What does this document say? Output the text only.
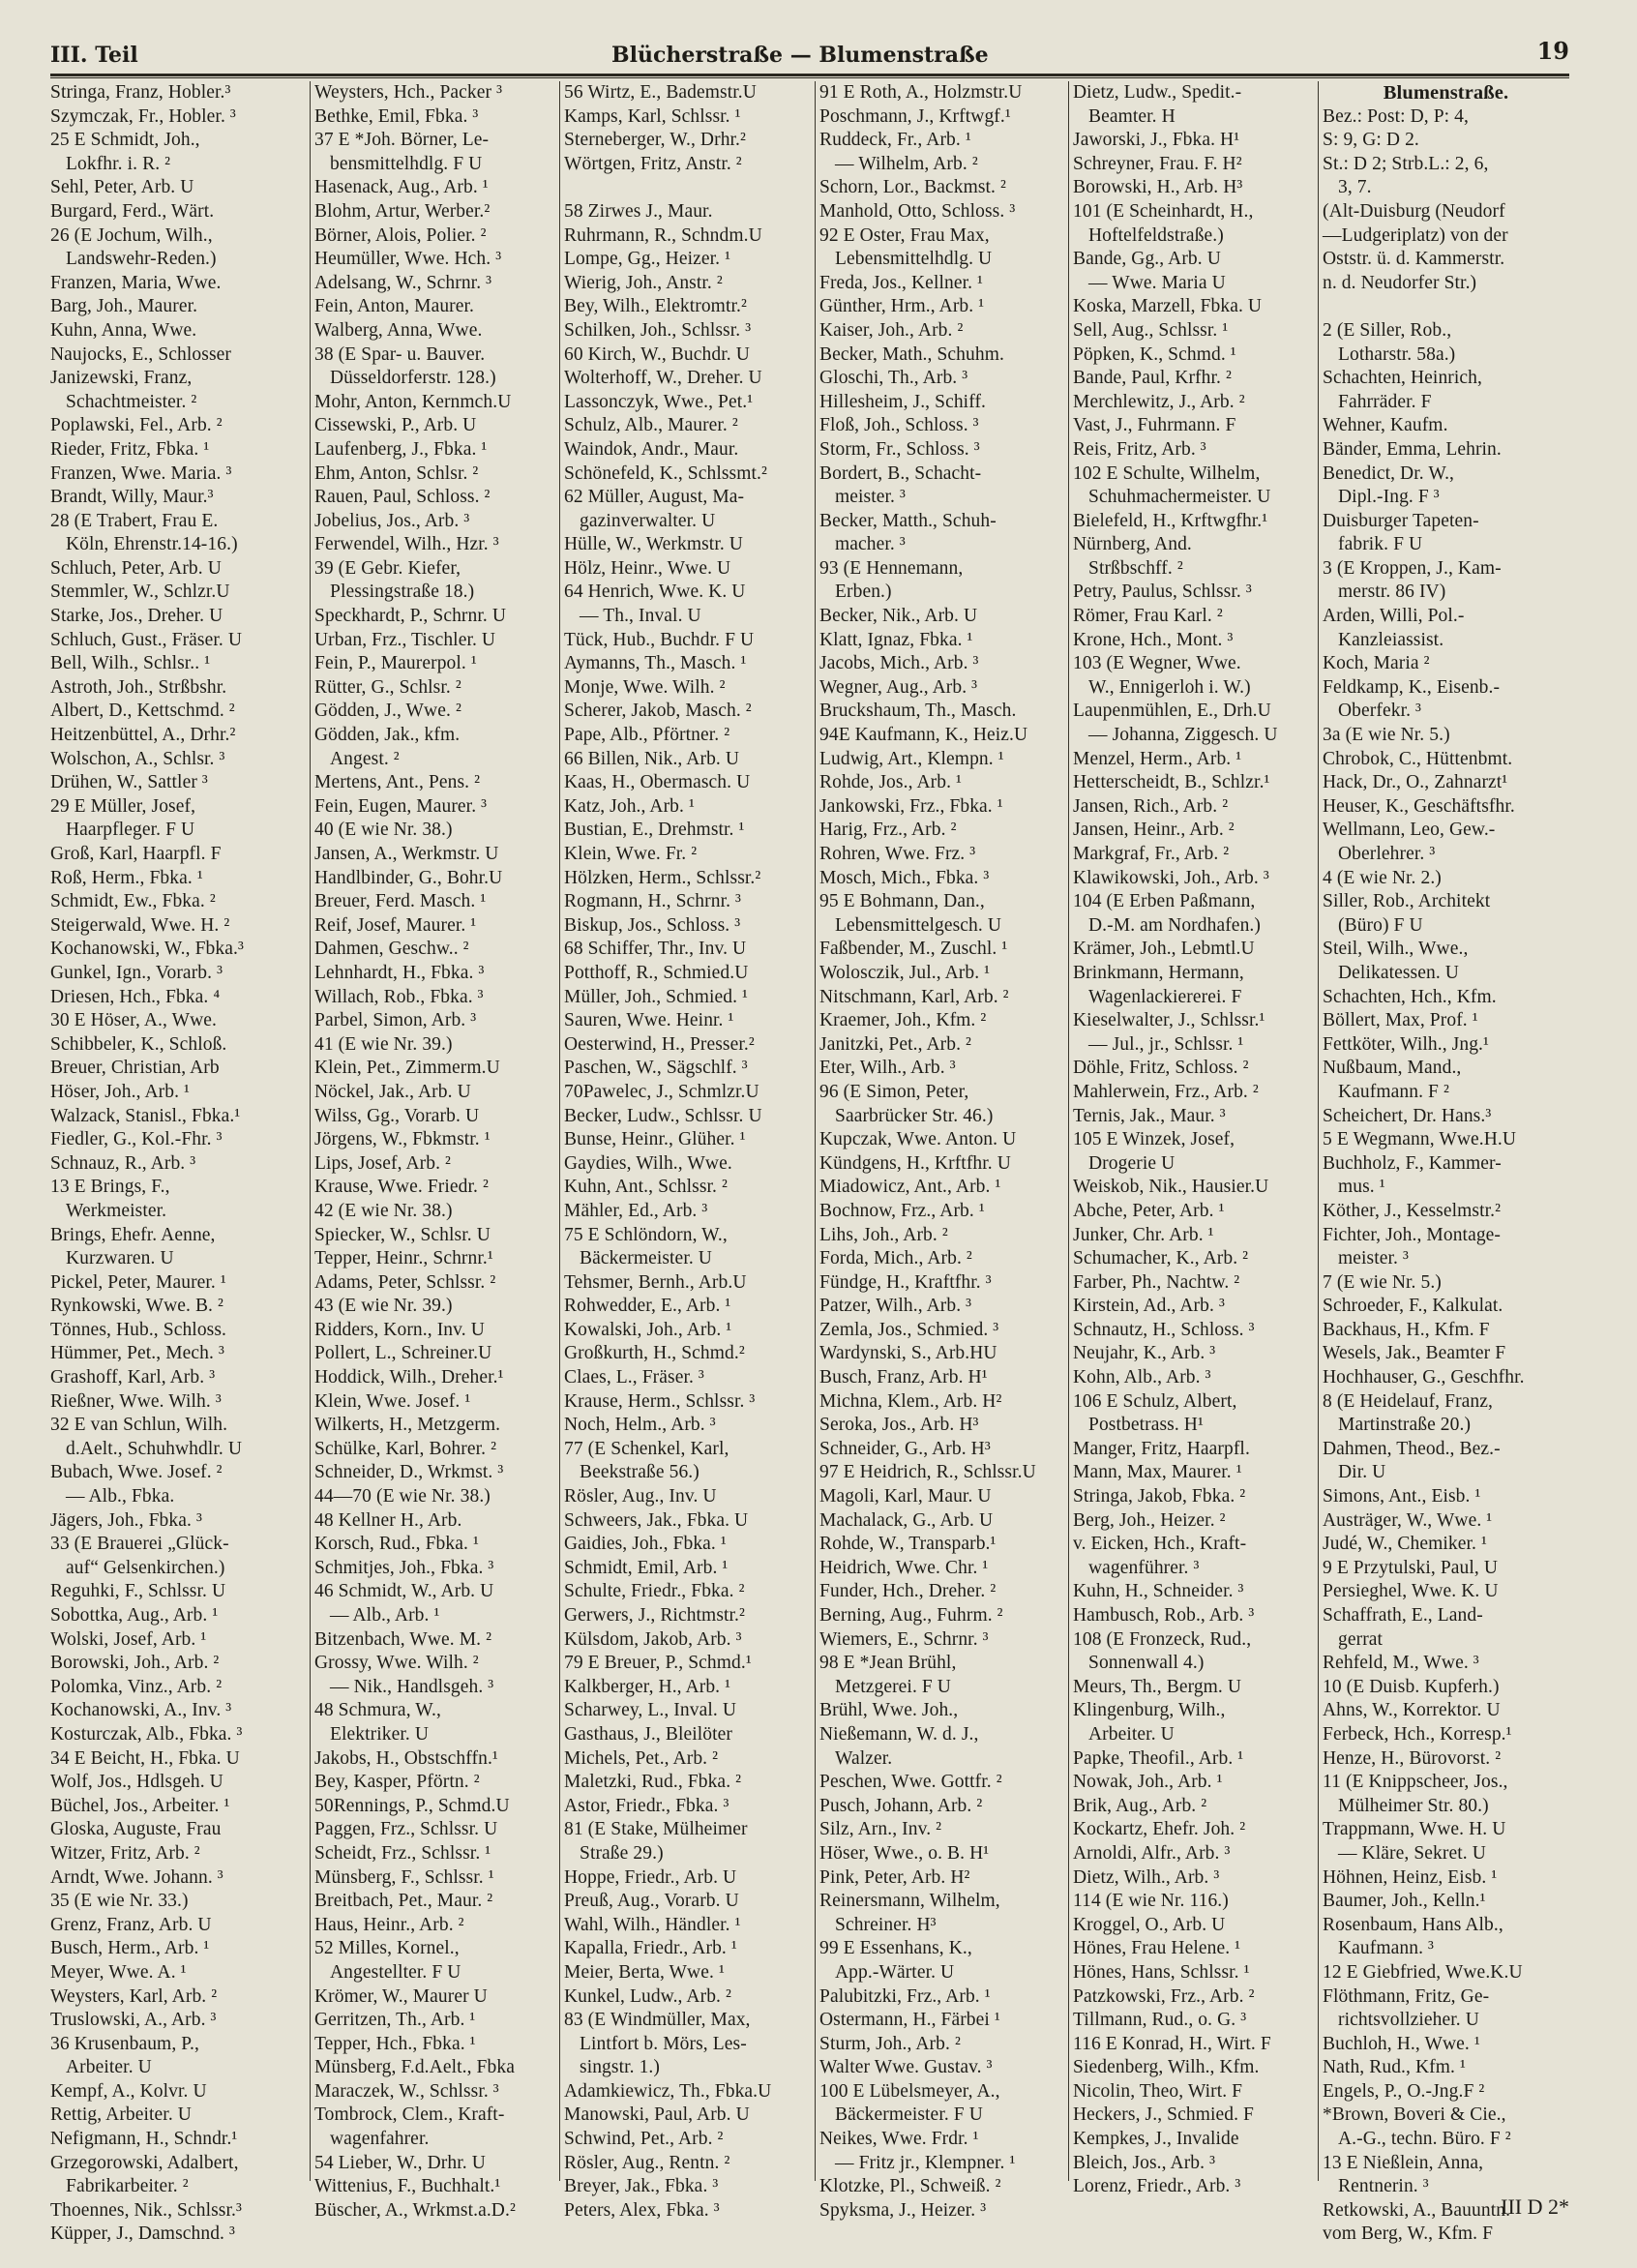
III. Teil	Blücherstraße — Blumenstraße	19
Stringa, Franz, Hobler.³
Szymczak, Fr., Hobler. ³
25 E Schmidt, Joh.,
Lokfhr. i. R. ²
Sehl, Peter, Arb. U
Burgard, Ferd., Wärt.
26 (E Jochum, Wilh.,
Landswehr-Reden.)
Franzen, Maria, Wwe.
Barg, Joh., Maurer.
Kuhn, Anna, Wwe.
Naujocks, E., Schlosser
Janizewski, Franz,
Schachtmeister. ²
Poplawski, Fel., Arb. ²
Rieder, Fritz, Fbka. ¹
Franzen, Wwe. Maria. ³
Brandt, Willy, Maur.³
28 (E Trabert, Frau E.
Köln, Ehrenstr.14-16.)
Schluch, Peter, Arb. U
Stemmler, W., Schlzr.U
Starke, Jos., Dreher. U
Schluch, Gust., Fräser. U
Bell, Wilh., Schlsr.. ¹
Astroth, Joh., Strßbshr.
Albert, D., Kettschmd. ²
Heitzenbüttel, A., Drhr.²
Wolschon, A., Schlsr. ³
Drühen, W., Sattler ³
29 E Müller, Josef,
Haarpfleger. F U
Groß, Karl, Haarpfl. F
Roß, Herm., Fbka. ¹
Schmidt, Ew., Fbka. ²
Steigerwald, Wwe. H. ²
Kochanowski, W., Fbka.³
Gunkel, Ign., Vorarb. ³
Driesen, Hch., Fbka. ⁴
30 E Höser, A., Wwe.
Schibbeler, K., Schloß.
Breuer, Christian, Arb
Höser, Joh., Arb. ¹
Walzack, Stanisl., Fbka.¹
Fiedler, G., Kol.-Fhr. ³
Schnauz, R., Arb. ³
13 E Brings, F.,
Werkmeister.
Brings, Ehefr. Aenne,
Kurzwaren. U
Pickel, Peter, Maurer. ¹
Rynkowski, Wwe. B. ²
Tönnes, Hub., Schloss.
Hümmer, Pet., Mech. ³
Grashoff, Karl, Arb. ³
Rießner, Wwe. Wilh. ³
32 E van Schlun, Wilh.
d.Aelt., Schuhwhdlr. U
Bubach, Wwe. Josef. ²
— Alb., Fbka.
Jägers, Joh., Fbka. ³
33 (E Brauerei „Glück-
auf“ Gelsenkirchen.)
Reguhki, F., Schlssr. U
Sobottka, Aug., Arb. ¹
Wolski, Josef, Arb. ¹
Borowski, Joh., Arb. ²
Polomka, Vinz., Arb. ²
Kochanowski, A., Inv. ³
Kosturczak, Alb., Fbka. ³
34 E Beicht, H., Fbka. U
Wolf, Jos., Hdlsgeh. U
Büchel, Jos., Arbeiter. ¹
Gloska, Auguste, Frau
Witzer, Fritz, Arb. ²
Arndt, Wwe. Johann. ³
35 (E wie Nr. 33.)
Grenz, Franz, Arb. U
Busch, Herm., Arb. ¹
Meyer, Wwe. A. ¹
Weysters, Karl, Arb. ²
Truslowski, A., Arb. ³
36 Krusenbaum, P.,
Arbeiter. U
Kempf, A., Kolvr. U
Rettig, Arbeiter. U
Nefigmann, H., Schndr.¹
Grzegorowski, Adalbert,
Fabrikarbeiter. ²
Thoennes, Nik., Schlssr.³
Küpper, J., Damschnd. ³
Weysters, Hch., Packer ³
Bethke, Emil, Fbka. ³
37 E *Joh. Börner, Le-
bensmittelhdlg. F U
Hasenack, Aug., Arb. ¹
Blohm, Artur, Werber.²
Börner, Alois, Polier. ²
Heumüller, Wwe. Hch. ³
Adelsang, W., Schrnr. ³
Fein, Anton, Maurer.
Walberg, Anna, Wwe.
38 (E Spar- u. Bauver.
Düsseldorferstr. 128.)
Mohr, Anton, Kernmch.U
Cissewski, P., Arb. U
Laufenberg, J., Fbka. ¹
Ehm, Anton, Schlsr. ²
Rauen, Paul, Schloss. ²
Jobelius, Jos., Arb. ³
Ferwendel, Wilh., Hzr. ³
39 (E Gebr. Kiefer,
Plessingstraße 18.)
Speckhardt, P., Schrnr. U
Urban, Frz., Tischler. U
Fein, P., Maurerpol. ¹
Rütter, G., Schlsr. ²
Gödden, J., Wwe. ²
Gödden, Jak., kfm.
Angest. ²
Mertens, Ant., Pens. ²
Fein, Eugen, Maurer. ³
40 (E wie Nr. 38.)
Jansen, A., Werkmstr. U
Handlbinder, G., Bohr.U
Breuer, Ferd. Masch. ¹
Reif, Josef, Maurer. ¹
Dahmen, Geschw.. ²
Lehnhardt, H., Fbka. ³
Willach, Rob., Fbka. ³
Parbel, Simon, Arb. ³
41 (E wie Nr. 39.)
Klein, Pet., Zimmerm.U
Nöckel, Jak., Arb. U
Wilss, Gg., Vorarb. U
Jörgens, W., Fbkmstr. ¹
Lips, Josef, Arb. ²
Krause, Wwe. Friedr. ²
42 (E wie Nr. 38.)
Spiecker, W., Schlsr. U
Tepper, Heinr., Schrnr.¹
Adams, Peter, Schlssr. ²
43 (E wie Nr. 39.)
Ridders, Korn., Inv. U
Pollert, L., Schreiner.U
Hoddick, Wilh., Dreher.¹
Klein, Wwe. Josef. ¹
Wilkerts, H., Metzgerm.
Schülke, Karl, Bohrer. ²
Schneider, D., Wrkmst. ³
44—70 (E wie Nr. 38.)
48 Kellner H., Arb.
Korsch, Rud., Fbka. ¹
Schmitjes, Joh., Fbka. ³
46 Schmidt, W., Arb. U
— Alb., Arb. ¹
Bitzenbach, Wwe. M. ²
Grossy, Wwe. Wilh. ²
— Nik., Handlsgeh. ³
48 Schmura, W.,
Elektriker. U
Jakobs, H., Obstschffn.¹
Bey, Kasper, Pförtn. ²
50Rennings, P., Schmd.U
Paggen, Frz., Schlssr. U
Scheidt, Frz., Schlssr. ¹
Münsberg, F., Schlssr. ¹
Breitbach, Pet., Maur. ²
Haus, Heinr., Arb. ²
52 Milles, Kornel.,
Angestellter. F U
Krömer, W., Maurer U
Gerritzen, Th., Arb. ¹
Tepper, Hch., Fbka. ¹
Münsberg, F.d.Aelt., Fbka
Maraczek, W., Schlssr. ³
Tombrock, Clem., Kraft-
wagenfahrer.
54 Lieber, W., Drhr. U
Wittenius, F., Buchhalt.¹
Büscher, A., Wrkmst.a.D.²
56 Wirtz, E., Bademstr.U
Kamps, Karl, Schlssr. ¹
Sterneberger, W., Drhr.²
Wörtgen, Fritz, Anstr. ²
58 Zirwes J., Maur.
Ruhrmann, R., Schndm.U
Lompe, Gg., Heizer. ¹
Wierig, Joh., Anstr. ²
Bey, Wilh., Elektromtr.²
Schilken, Joh., Schlssr. ³
60 Kirch, W., Buchdr. U
Wolterhoff, W., Dreher. U
Lassonczyk, Wwe., Pet.¹
Schulz, Alb., Maurer. ²
Waindok, Andr., Maur.
Schönefeld, K., Schlssmt.²
62 Müller, August, Ma-
gazinverwalter. U
Hülle, W., Werkmstr. U
Hölz, Heinr., Wwe. U
64 Henrich, Wwe. K. U
— Th., Inval. U
Tück, Hub., Buchdr. F U
Aymanns, Th., Masch. ¹
Monje, Wwe. Wilh. ²
Scherer, Jakob, Masch. ²
Pape, Alb., Pförtner. ²
66 Billen, Nik., Arb. U
Kaas, H., Obermasch. U
Katz, Joh., Arb. ¹
Bustian, E., Drehmstr. ¹
Klein, Wwe. Fr. ²
Hölzken, Herm., Schlssr.²
Rogmann, H., Schrnr. ³
Biskup, Jos., Schloss. ³
68 Schiffer, Thr., Inv. U
Potthoff, R., Schmied.U
Müller, Joh., Schmied. ¹
Sauren, Wwe. Heinr. ¹
Oesterwind, H., Presser.²
Paschen, W., Sägschlf. ³
70Pawelec, J., Schmlzr.U
Becker, Ludw., Schlssr. U
Bunse, Heinr., Glüher. ¹
Gaydies, Wilh., Wwe.
Kuhn, Ant., Schlssr. ²
Mähler, Ed., Arb. ³
75 E Schlöndorn, W.,
Bäckermeister. U
Tehsmer, Bernh., Arb.U
Rohwedder, E., Arb. ¹
Kowalski, Joh., Arb. ¹
Großkurth, H., Schmd.²
Claes, L., Fräser. ³
Krause, Herm., Schlssr. ³
Noch, Helm., Arb. ³
77 (E Schenkel, Karl,
Beekstraße 56.)
Rösler, Aug., Inv. U
Schweers, Jak., Fbka. U
Gaidies, Joh., Fbka. ¹
Schmidt, Emil, Arb. ¹
Schulte, Friedr., Fbka. ²
Gerwers, J., Richtmstr.²
Külsdom, Jakob, Arb. ³
79 E Breuer, P., Schmd.¹
Kalkberger, H., Arb. ¹
Scharwey, L., Inval. U
Gasthaus, J., Bleilöter
Michels, Pet., Arb. ²
Maletzki, Rud., Fbka. ²
Astor, Friedr., Fbka. ³
81 (E Stake, Mülheimer
Straße 29.)
Hoppe, Friedr., Arb. U
Preuß, Aug., Vorarb. U
Wahl, Wilh., Händler. ¹
Kapalla, Friedr., Arb. ¹
Meier, Berta, Wwe. ¹
Kunkel, Ludw., Arb. ²
83 (E Windmüller, Max,
Lintfort b. Mörs, Les-
singstr. 1.)
Adamkiewicz, Th., Fbka.U
Manowski, Paul, Arb. U
Schwind, Pet., Arb. ²
Rösler, Aug., Rentn. ²
Breyer, Jak., Fbka. ³
Peters, Alex, Fbka. ³
91 E Roth, A., Holzmstr.U
Poschmann, J., Krftwgf.¹
Ruddeck, Fr., Arb. ¹
— Wilhelm, Arb. ²
Schorn, Lor., Backmst. ²
Manhold, Otto, Schloss. ³
92 E Oster, Frau Max,
Lebensmittelhdlg. U
Freda, Jos., Kellner. ¹
Günther, Hrm., Arb. ¹
Kaiser, Joh., Arb. ²
Becker, Math., Schuhm.
Gloschi, Th., Arb. ³
Hillesheim, J., Schiff.
Floß, Joh., Schloss. ³
Storm, Fr., Schloss. ³
Bordert, B., Schacht-
meister. ³
Becker, Matth., Schuh-
macher. ³
93 (E Hennemann,
Erben.)
Becker, Nik., Arb. U
Klatt, Ignaz, Fbka. ¹
Jacobs, Mich., Arb. ³
Wegner, Aug., Arb. ³
Bruckshaum, Th., Masch.
94E Kaufmann, K., Heiz.U
Ludwig, Art., Klempn. ¹
Rohde, Jos., Arb. ¹
Jankowski, Frz., Fbka. ¹
Harig, Frz., Arb. ²
Rohren, Wwe. Frz. ³
Mosch, Mich., Fbka. ³
95 E Bohmann, Dan.,
Lebensmittelgesch. U
Faßbender, M., Zuschl. ¹
Wolosczik, Jul., Arb. ¹
Nitschmann, Karl, Arb. ²
Kraemer, Joh., Kfm. ²
Janitzki, Pet., Arb. ²
Eter, Wilh., Arb. ³
96 (E Simon, Peter,
Saarbrücker Str. 46.)
Kupczak, Wwe. Anton. U
Kündgens, H., Krftfhr. U
Miadowicz, Ant., Arb. ¹
Bochnow, Frz., Arb. ¹
Lihs, Joh., Arb. ²
Forda, Mich., Arb. ²
Fündge, H., Kraftfhr. ³
Patzer, Wilh., Arb. ³
Zemla, Jos., Schmied. ³
Wardynski, S., Arb.HU
Busch, Franz, Arb. H¹
Michna, Klem., Arb. H²
Seroka, Jos., Arb. H³
Schneider, G., Arb. H³
97 E Heidrich, R., Schlssr.U
Magoli, Karl, Maur. U
Machalack, G., Arb. U
Rohde, W., Transparb.¹
Heidrich, Wwe. Chr. ¹
Funder, Hch., Dreher. ²
Berning, Aug., Fuhrm. ²
Wiemers, E., Schrnr. ³
98 E *Jean Brühl,
Metzgerei. F U
Brühl, Wwe. Joh.,
Nießemann, W. d. J.,
Walzer.
Peschen, Wwe. Gottfr. ²
Pusch, Johann, Arb. ²
Silz, Arn., Inv. ²
Höser, Wwe., o. B. H¹
Pink, Peter, Arb. H²
Reinersmann, Wilhelm,
Schreiner. H³
99 E Essenhans, K.,
App.-Wärter. U
Palubitzki, Frz., Arb. ¹
Ostermann, H., Färbei ¹
Sturm, Joh., Arb. ²
Walter Wwe. Gustav. ³
100 E Lübelsmeyer, A.,
Bäckermeister. F U
Neikes, Wwe. Frdr. ¹
— Fritz jr., Klempner. ¹
Klotzke, Pl., Schweiß. ²
Spyksma, J., Heizer. ³
Dietz, Ludw., Spedit.-
Beamter. H
Jaworski, J., Fbka. H¹
Schreyner, Frau. F. H²
Borowski, H., Arb. H³
101 (E Scheinhardt, H.,
Hoftelfeldstraße.)
Bande, Gg., Arb. U
— Wwe. Maria U
Koska, Marzell, Fbka. U
Sell, Aug., Schlssr. ¹
Pöpken, K., Schmd. ¹
Bande, Paul, Krfhr. ²
Merchlewitz, J., Arb. ²
Vast, J., Fuhrmann. F
Reis, Fritz, Arb. ³
102 E Schulte, Wilhelm,
Schuhmachermeister. U
Bielefeld, H., Krftwgfhr.¹
Nürnberg, And.
Strßbschff. ²
Petry, Paulus, Schlssr. ³
Römer, Frau Karl. ²
Krone, Hch., Mont. ³
103 (E Wegner, Wwe.
W., Ennigerloh i. W.)
Laupenmühlen, E., Drh.U
— Johanna, Ziggesch. U
Menzel, Herm., Arb. ¹
Hetterscheidt, B., Schlzr.¹
Jansen, Rich., Arb. ²
Jansen, Heinr., Arb. ²
Markgraf, Fr., Arb. ²
Klawikowski, Joh., Arb. ³
104 (E Erben Paßmann,
D.-M. am Nordhafen.)
Krämer, Joh., Lebmtl.U
Brinkmann, Hermann,
Wagenlackiererei. F
Kieselwalter, J., Schlssr.¹
— Jul., jr., Schlssr. ¹
Döhle, Fritz, Schloss. ²
Mahlerwein, Frz., Arb. ²
Ternis, Jak., Maur. ³
105 E Winzek, Josef,
Drogerie U
Weiskob, Nik., Hausier.U
Abche, Peter, Arb. ¹
Junker, Chr. Arb. ¹
Schumacher, K., Arb. ²
Farber, Ph., Nachtw. ²
Kirstein, Ad., Arb. ³
Schnautz, H., Schloss. ³
Neujahr, K., Arb. ³
Kohn, Alb., Arb. ³
106 E Schulz, Albert,
Postbetrass. H¹
Manger, Fritz, Haarpfl.
Mann, Max, Maurer. ¹
Stringa, Jakob, Fbka. ²
Berg, Joh., Heizer. ²
v. Eicken, Hch., Kraft-
wagenführer. ³
Kuhn, H., Schneider. ³
Hambusch, Rob., Arb. ³
108 (E Fronzeck, Rud.,
Sonnenwall 4.)
Meurs, Th., Bergm. U
Klingenburg, Wilh.,
Arbeiter. U
Papke, Theofil., Arb. ¹
Nowak, Joh., Arb. ¹
Brik, Aug., Arb. ²
Kockartz, Ehefr. Joh. ²
Arnoldi, Alfr., Arb. ³
Dietz, Wilh., Arb. ³
114 (E wie Nr. 116.)
Kroggel, O., Arb. U
Hönes, Frau Helene. ¹
Hönes, Hans, Schlssr. ¹
Patzkowski, Frz., Arb. ²
Tillmann, Rud., o. G. ³
116 E Konrad, H., Wirt. F
Siedenberg, Wilh., Kfm.
Nicolin, Theo, Wirt. F
Heckers, J., Schmied. F
Kempkes, J., Invalide
Bleich, Jos., Arb. ³
Lorenz, Friedr., Arb. ³
Blumenstraße.
Bez.: Post: D, P: 4,
S: 9, G: D 2.
St.: D 2; Strb.L.: 2, 6,
3, 7.
(Alt-Duisburg (Neudorf
—Ludgeriplatz) von der
Oststr. ü. d. Kammerstr.
n. d. Neudorfer Str.)
2 (E Siller, Rob.,
Lotharstr. 58a.)
Schachten, Heinrich,
Fahrräder. F
Wehner, Kaufm.
Bänder, Emma, Lehrin.
Benedict, Dr. W.,
Dipl.-Ing. F ³
Duisburger Tapeten-
fabrik. F U
3 (E Kroppen, J., Kam-
merstr. 86 IV)
Arden, Willi, Pol.-
Kanzleiassist.
Koch, Maria ²
Feldkamp, K., Eisenb.-
Oberfekr. ³
3a (E wie Nr. 5.)
Chrobok, C., Hüttenbmt.
Hack, Dr., O., Zahnarzt¹
Heuser, K., Geschäftsfhr.
Wellmann, Leo, Gew.-
Oberlehrer. ³
4 (E wie Nr. 2.)
Siller, Rob., Architekt
(Büro) F U
Steil, Wilh., Wwe.,
Delikatessen. U
Schachten, Hch., Kfm.
Böllert, Max, Prof. ¹
Fettköter, Wilh., Jng.¹
Nußbaum, Mand.,
Kaufmann. F ²
Scheichert, Dr. Hans.³
5 E Wegmann, Wwe.H.U
Buchholz, F., Kammer-
mus. ¹
Köther, J., Kesselmstr.²
Fichter, Joh., Montage-
meister. ³
7 (E wie Nr. 5.)
Schroeder, F., Kalkulat.
Backhaus, H., Kfm. F
Wesels, Jak., Beamter F
Hochhauser, G., Geschfhr.
8 (E Heidelauf, Franz,
Martinstraße 20.)
Dahmen, Theod., Bez.-
Dir. U
Simons, Ant., Eisb. ¹
Austräger, W., Wwe. ¹
Judé, W., Chemiker. ¹
9 E Przytulski, Paul, U
Persieghel, Wwe. K. U
Schaffrath, E., Land-
gerrat
Rehfeld, M., Wwe. ³
10 (E Duisb. Kupferh.)
Ahns, W., Korrektor. U
Ferbeck, Hch., Korresp.¹
Henze, H., Bürovorst. ²
11 (E Knippscheer, Jos.,
Mülheimer Str. 80.)
Trappmann, Wwe. H. U
— Kläre, Sekret. U
Höhnen, Heinz, Eisb. ¹
Baumer, Joh., Kelln.¹
Rosenbaum, Hans Alb.,
Kaufmann. ³
12 E Giebfried, Wwe.K.U
Flöthmann, Fritz, Ge-
richtsvollzieher. U
Buchloh, H., Wwe. ¹
Nath, Rud., Kfm. ¹
Engels, P., O.-Jng.F ²
*Brown, Boveri & Cie.,
A.-G., techn. Büro. F ²
13 E Nießlein, Anna,
Rentnerin. ³
Retkowski, A., Bauuntn.
vom Berg, W., Kfm. F
III D 2*
